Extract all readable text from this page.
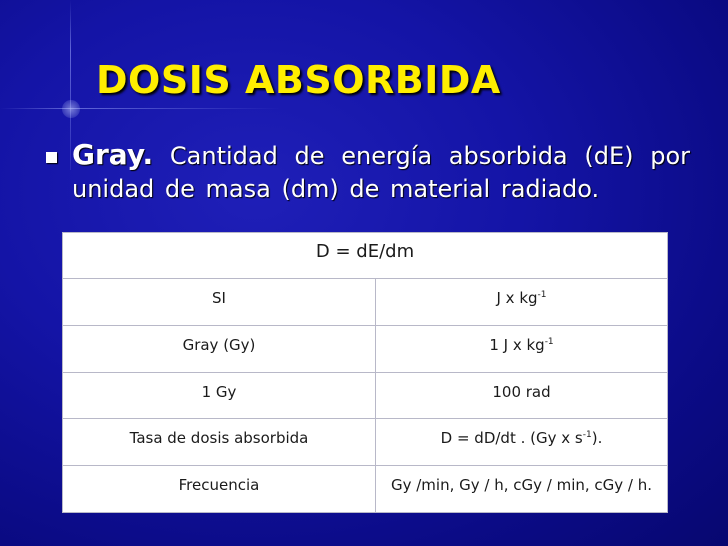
DOSIS ABSORBIDA
Gray. Cantidad de energía absorbida (dE) por unidad de masa (dm) de material radiado.
D = dE/dm	
SI	J x $kg^{-1}$
Gray (Gy)	1 J x $kg^{-1}$
1 Gy	100 rad
Tasa de dosis absorbida	D = dD/dt . (Gy x $s^{-1}$).
Frecuencia	Gy /min, Gy / h, cGy / min, cGy / h.
